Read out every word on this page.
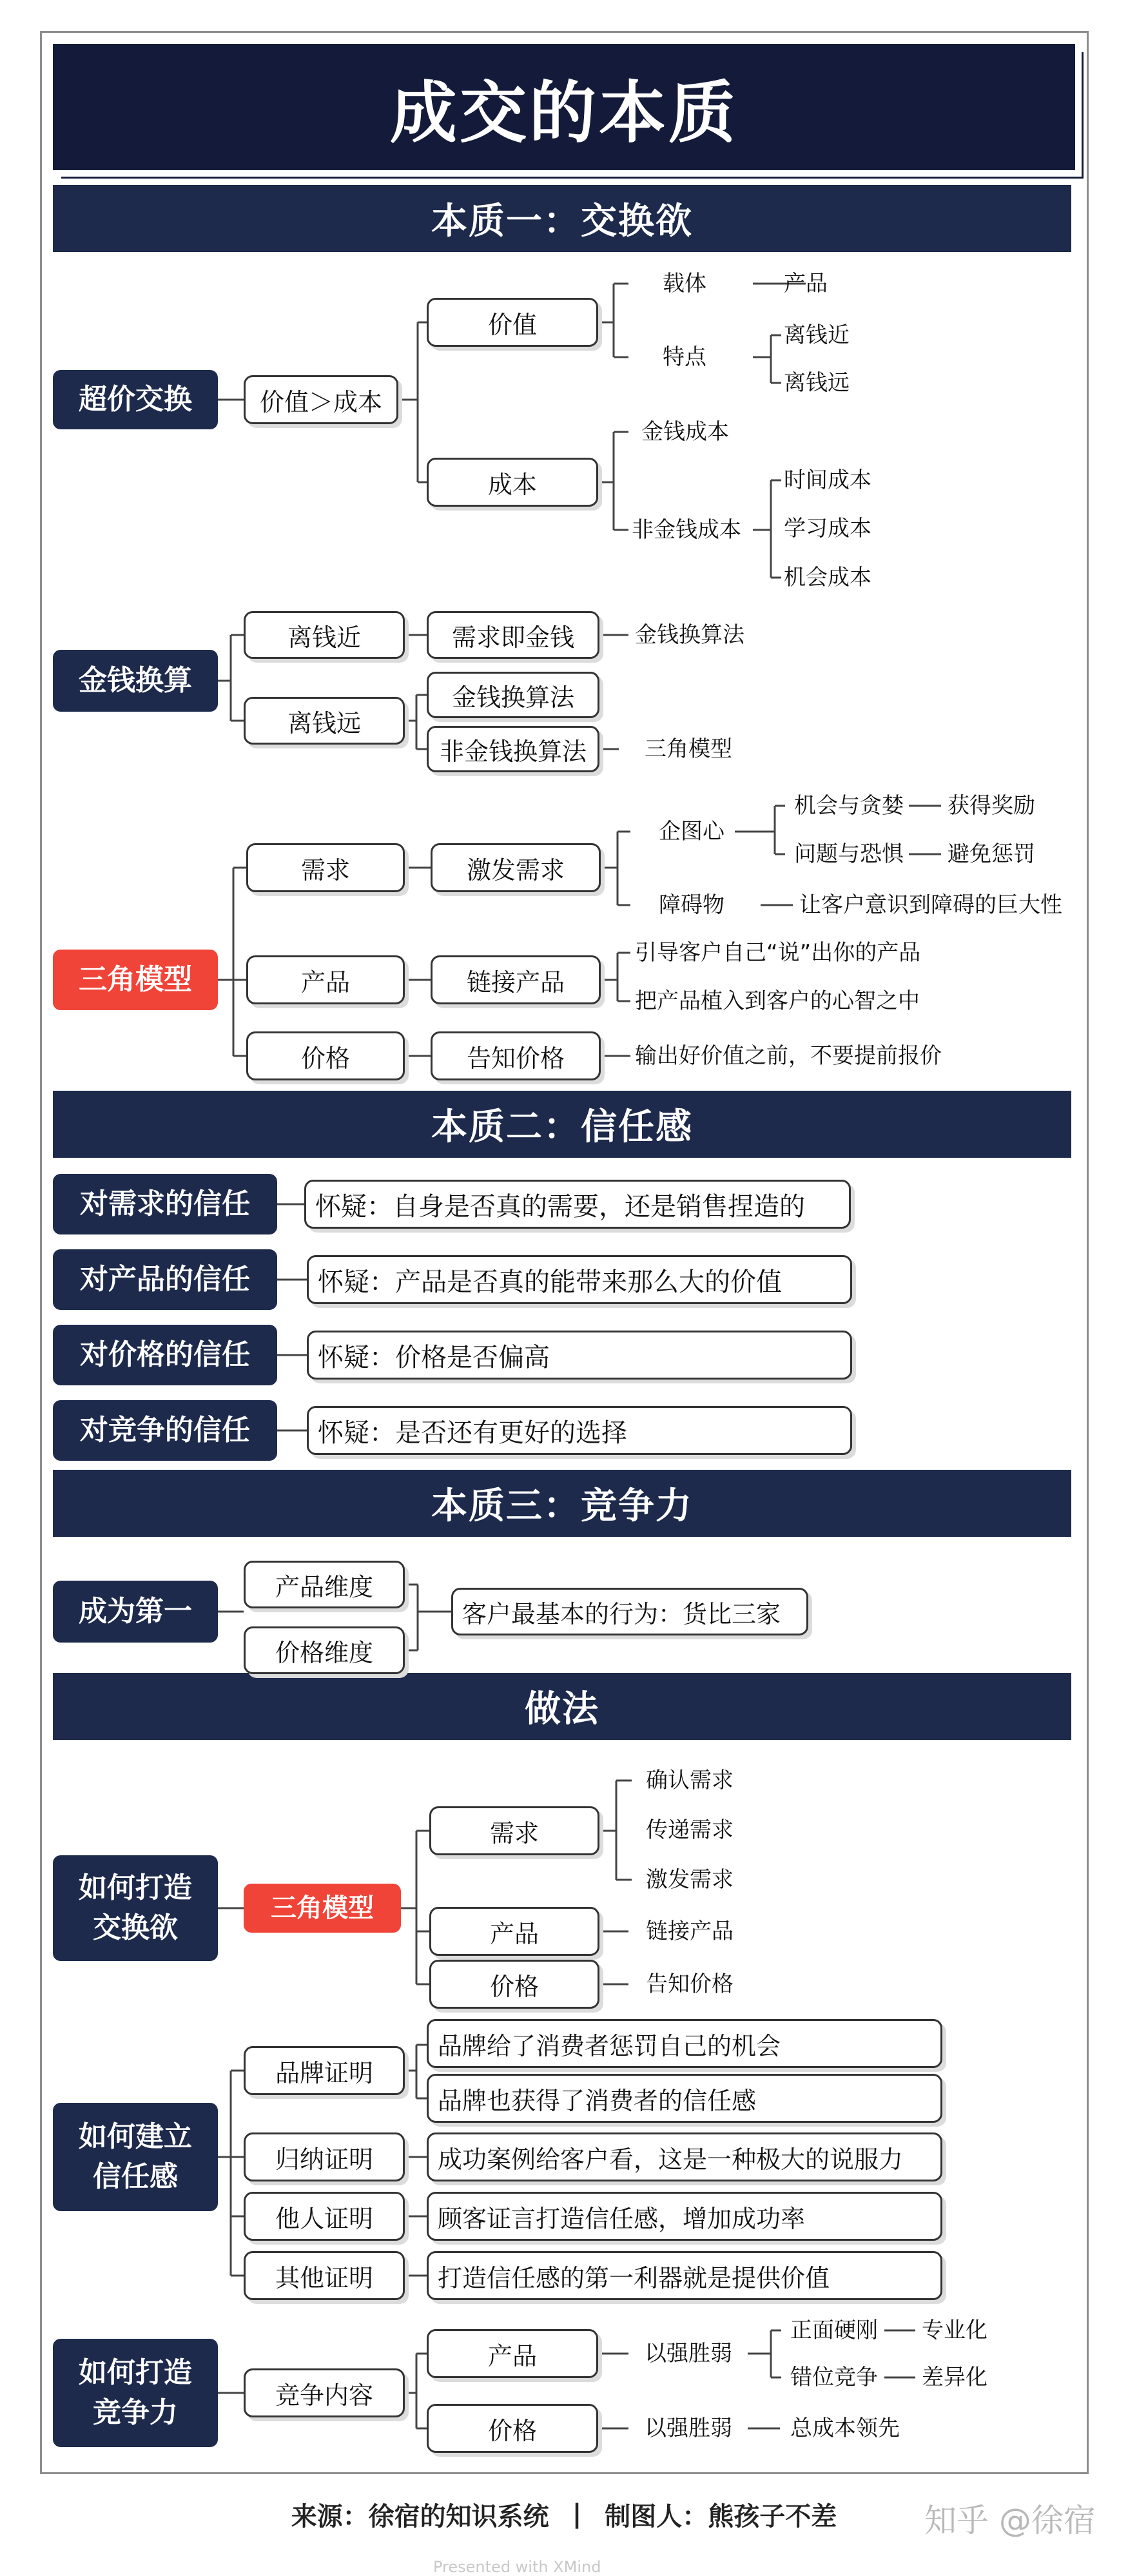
成交的本质
本质一：交换欲
本质二：信任感
本质三：竞争力
做法
超价交换	价值＞成本
价值
载体	产品
特点
离钱近
离钱远
成本
金钱成本
非金钱成本
时间成本
学习成本
机会成本
金钱换算
离钱近	需求即金钱	金钱换算法
离钱远
金钱换算法
非金钱换算法	三角模型
三角模型
需求	激发需求
企图心
机会与贪婪 获得奖励
问题与恐惧 避免惩罚
障碍物	让客户意识到障碍的巨大性
产品	链接产品
引导客户自己“说”出你的产品
把产品植入到客户的心智之中
价格	告知价格	输出好价值之前，不要提前报价
对需求的信任	怀疑：自身是否真的需要，还是销售捏造的
对产品的信任	怀疑：产品是否真的能带来那么大的价值
对价格的信任	怀疑：价格是否偏高
对竞争的信任	怀疑：是否还有更好的选择
成为第一
产品维度
价格维度
客户最基本的行为：货比三家
如何打造
交换欲
三角模型
需求
确认需求
传递需求
激发需求
产品	链接产品
价格	告知价格
如何建立
信任感
品牌证明
品牌给了消费者惩罚自己的机会
品牌也获得了消费者的信任感
归纳证明	成功案例给客户看，这是一种极大的说服力
他人证明	顾客证言打造信任感，增加成功率
其他证明	打造信任感的第一利器就是提供价值
如何打造
竞争力
竞争内容
产品	以强胜弱
正面硬刚 专业化
错位竞争 差异化
价格	以强胜弱	总成本领先
来源：徐宿的知识系统 | 制图人：熊孩子不差	知乎 @徐宿
Presented with XMind
